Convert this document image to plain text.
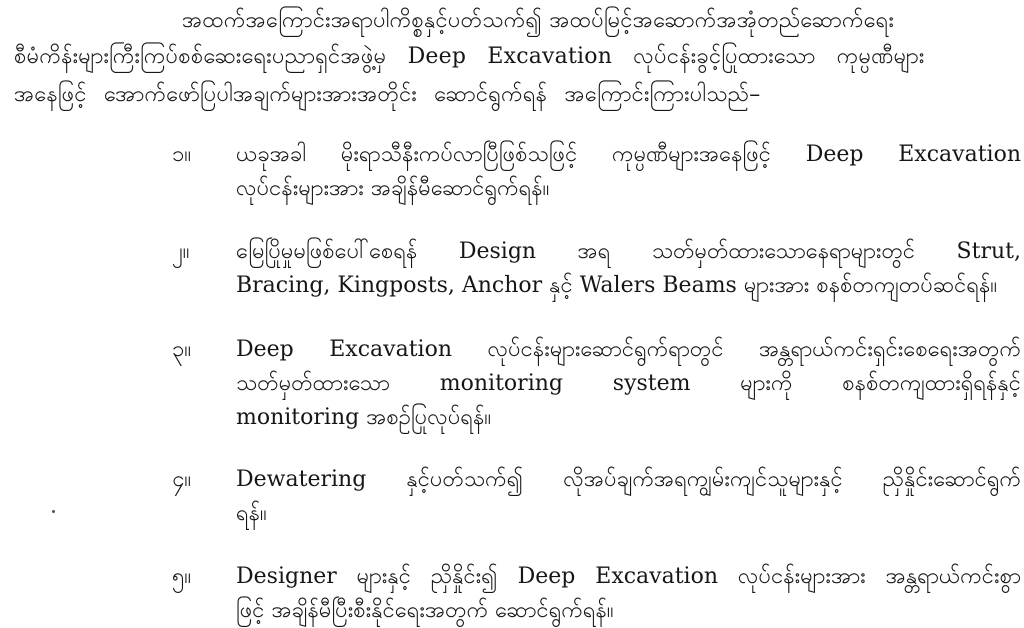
အထက်အကြောင်းအရာပါကိစ္စနှင့်ပတ်သက်၍ အထပ်မြင့်အဆောက်အအုံတည်ဆောက်ရေး
စီမံကိန်းများကြီးကြပ်စစ်ဆေးရေးပညာရှင်အဖွဲ့မှ Deep Excavation လုပ်ငန်းခွင့်ပြုထားသော ကုမ္ပဏီများ
အနေဖြင့် အောက်ဖော်ပြပါအချက်များအားအတိုင်း ဆောင်ရွက်ရန် အကြောင်းကြားပါသည်–
၁။	ယခုအခါ မိုးရာသီနီးကပ်လာပြီဖြစ်သဖြင့် ကုမ္ပဏီများအနေဖြင့် Deep Excavation
လုပ်ငန်းများအား အချိန်မီဆောင်ရွက်ရန်။
၂။	မြေပြိုမှုမဖြစ်ပေါ်စေရန် Design အရ သတ်မှတ်ထားသောနေရာများတွင် Strut,
Bracing, Kingposts, Anchor နှင့် Walers Beams များအား စနစ်တကျတပ်ဆင်ရန်။
၃။	Deep Excavation လုပ်ငန်းများဆောင်ရွက်ရာတွင် အန္တရာယ်ကင်းရှင်းစေရေးအတွက်
သတ်မှတ်ထားသော monitoring system များကို စနစ်တကျထားရှိရန်နှင့်
monitoring အစဉ်ပြုလုပ်ရန်။
၄။	Dewatering နှင့်ပတ်သက်၍ လိုအပ်ချက်အရကျွမ်းကျင်သူများနှင့် ညှိနှိုင်းဆောင်ရွက်
ရန်။
၅။	Designer များနှင့် ညှိနှိုင်း၍ Deep Excavation လုပ်ငန်းများအား အန္တရာယ်ကင်းစွာ
ဖြင့် အချိန်မီပြီးစီးနိုင်ရေးအတွက် ဆောင်ရွက်ရန်။
